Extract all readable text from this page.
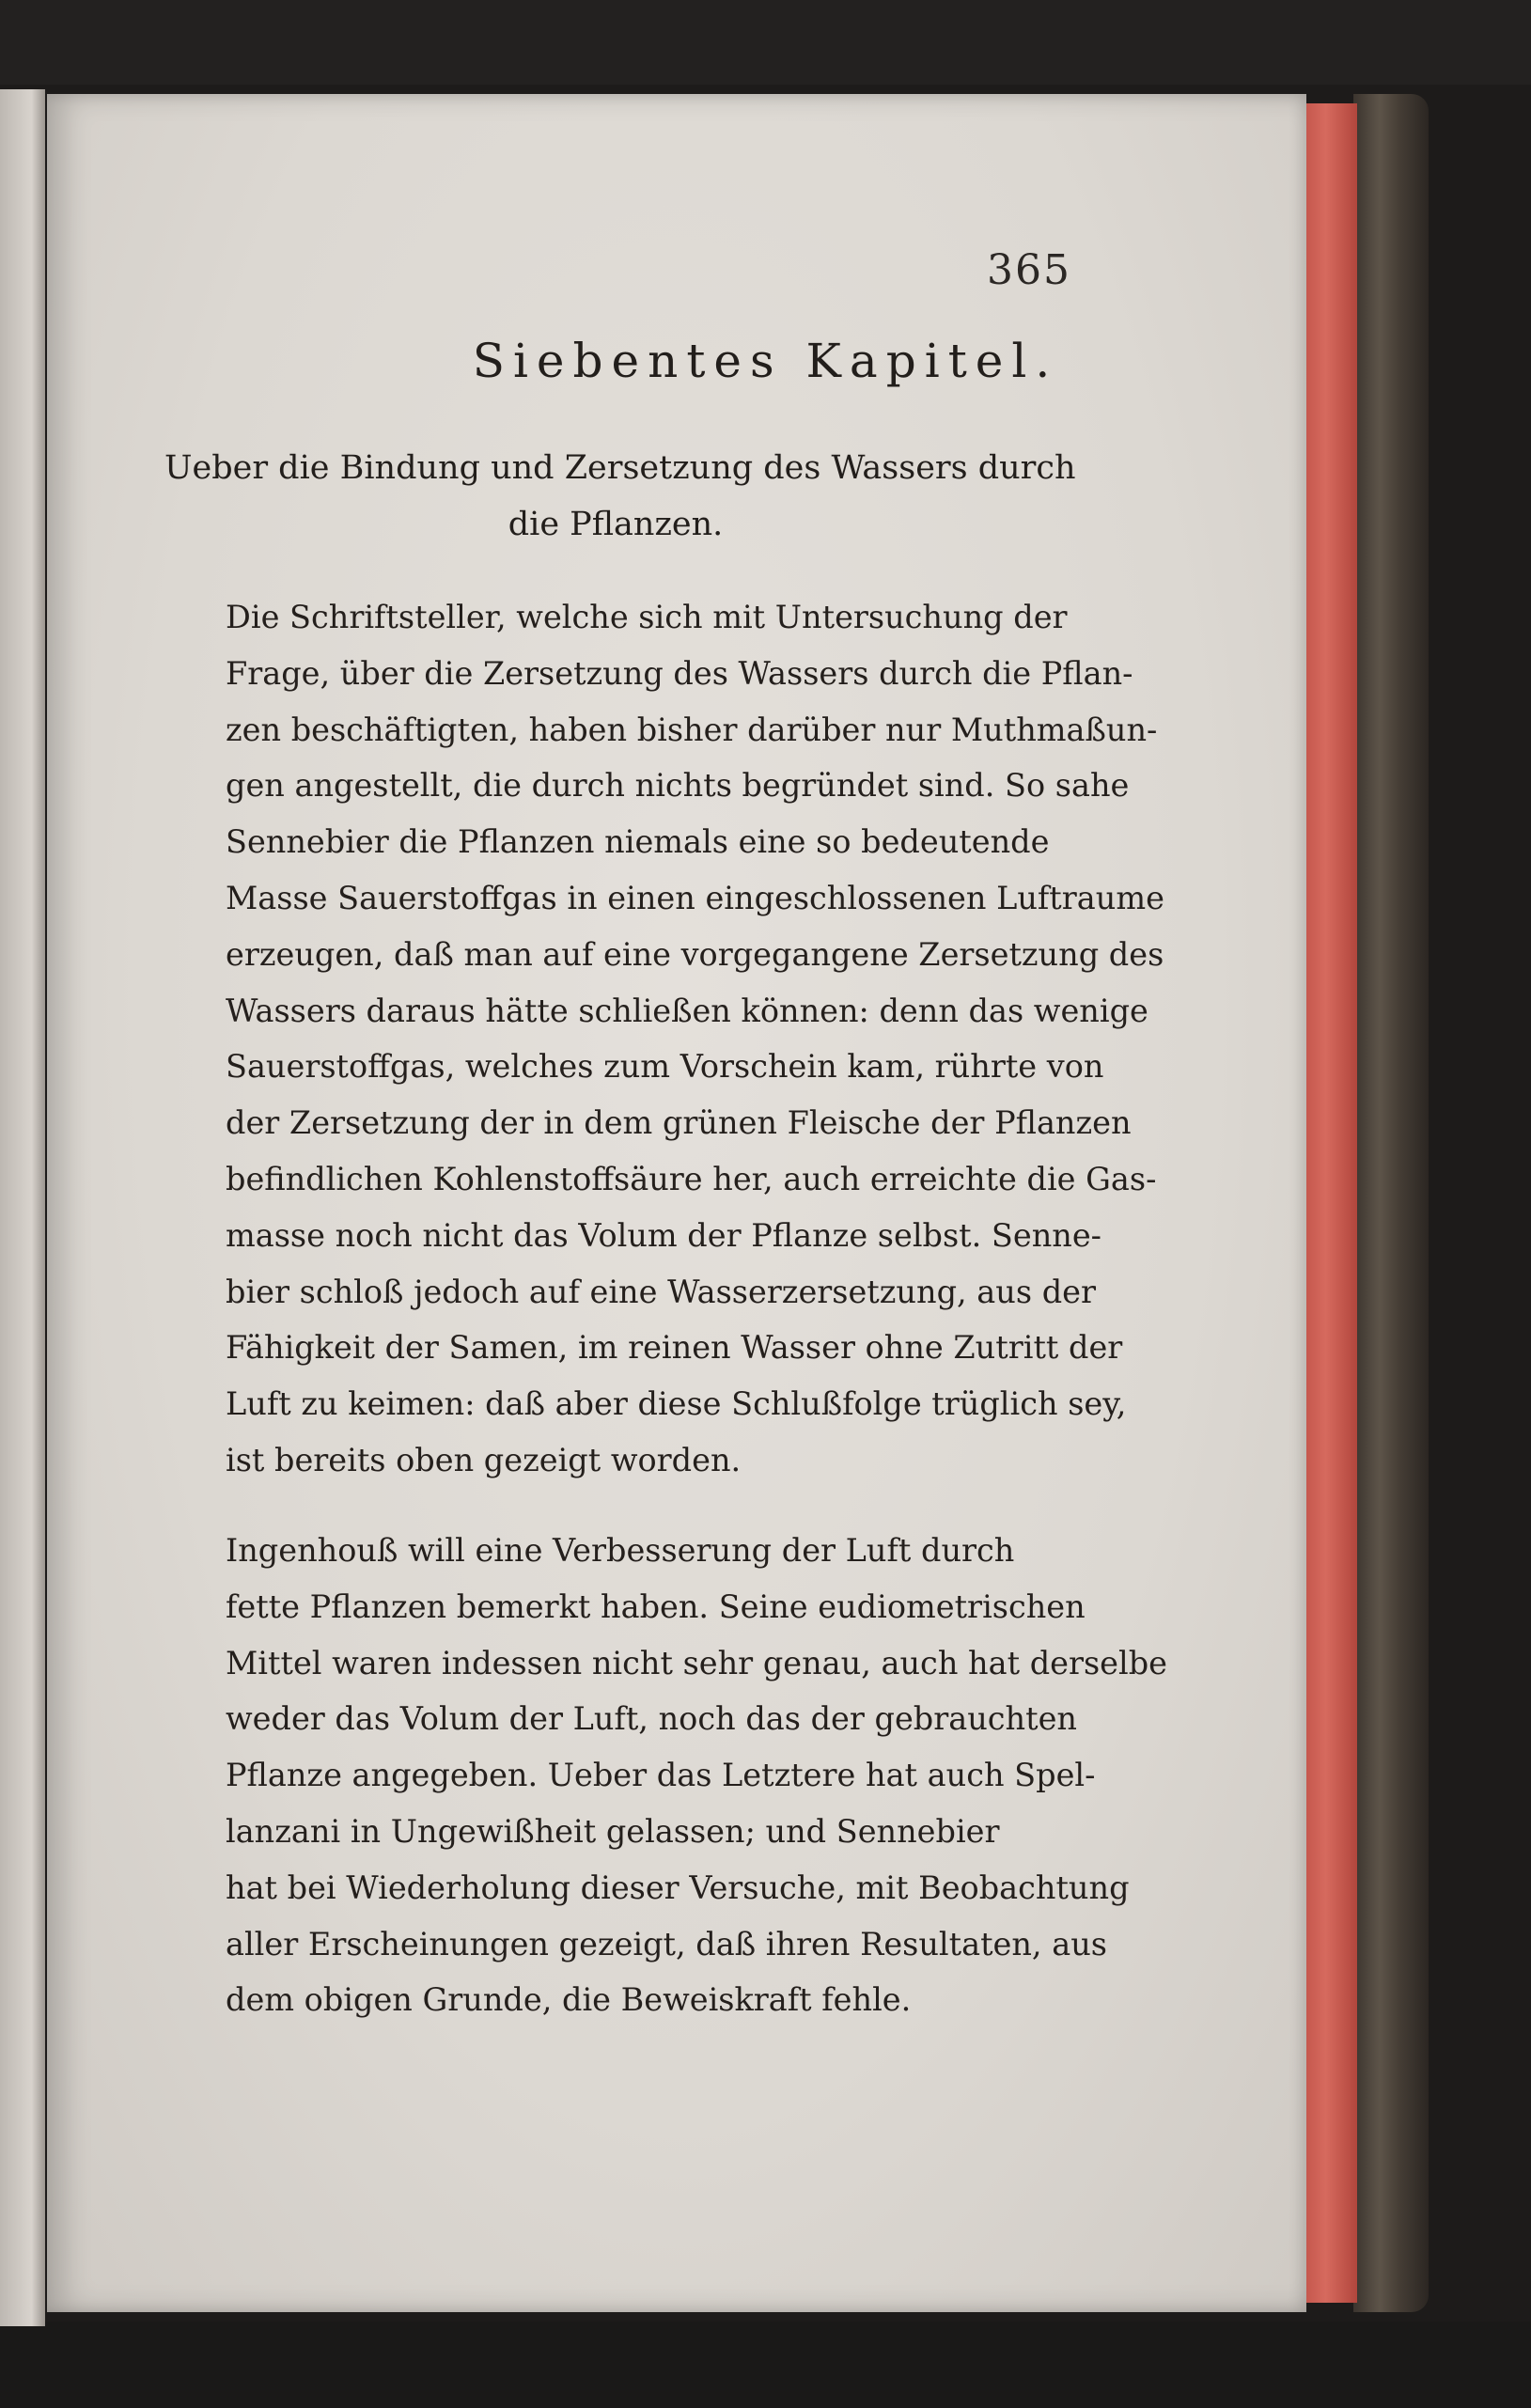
365
Siebentes Kapitel.
Ueber die Bindung und Zersetzung des Wassers durch
die Pflanzen.
Die Schriftsteller, welche sich mit Untersuchung der
Frage, über die Zersetzung des Wassers durch die Pflan-
zen beschäftigten, haben bisher darüber nur Muthmaßun-
gen angestellt, die durch nichts begründet sind. So sahe
Sennebier die Pflanzen niemals eine so bedeutende
Masse Sauerstoffgas in einen eingeschlossenen Luftraume
erzeugen, daß man auf eine vorgegangene Zersetzung des
Wassers daraus hätte schließen können: denn das wenige
Sauerstoffgas, welches zum Vorschein kam, rührte von
der Zersetzung der in dem grünen Fleische der Pflanzen
befindlichen Kohlenstoffsäure her, auch erreichte die Gas-
masse noch nicht das Volum der Pflanze selbst. Senne-
bier schloß jedoch auf eine Wasserzersetzung, aus der
Fähigkeit der Samen, im reinen Wasser ohne Zutritt der
Luft zu keimen: daß aber diese Schlußfolge trüglich sey,
ist bereits oben gezeigt worden.
Ingenhouß will eine Verbesserung der Luft durch
fette Pflanzen bemerkt haben. Seine eudiometrischen
Mittel waren indessen nicht sehr genau, auch hat derselbe
weder das Volum der Luft, noch das der gebrauchten
Pflanze angegeben. Ueber das Letztere hat auch Spel-
lanzani in Ungewißheit gelassen; und Sennebier
hat bei Wiederholung dieser Versuche, mit Beobachtung
aller Erscheinungen gezeigt, daß ihren Resultaten, aus
dem obigen Grunde, die Beweiskraft fehle.
